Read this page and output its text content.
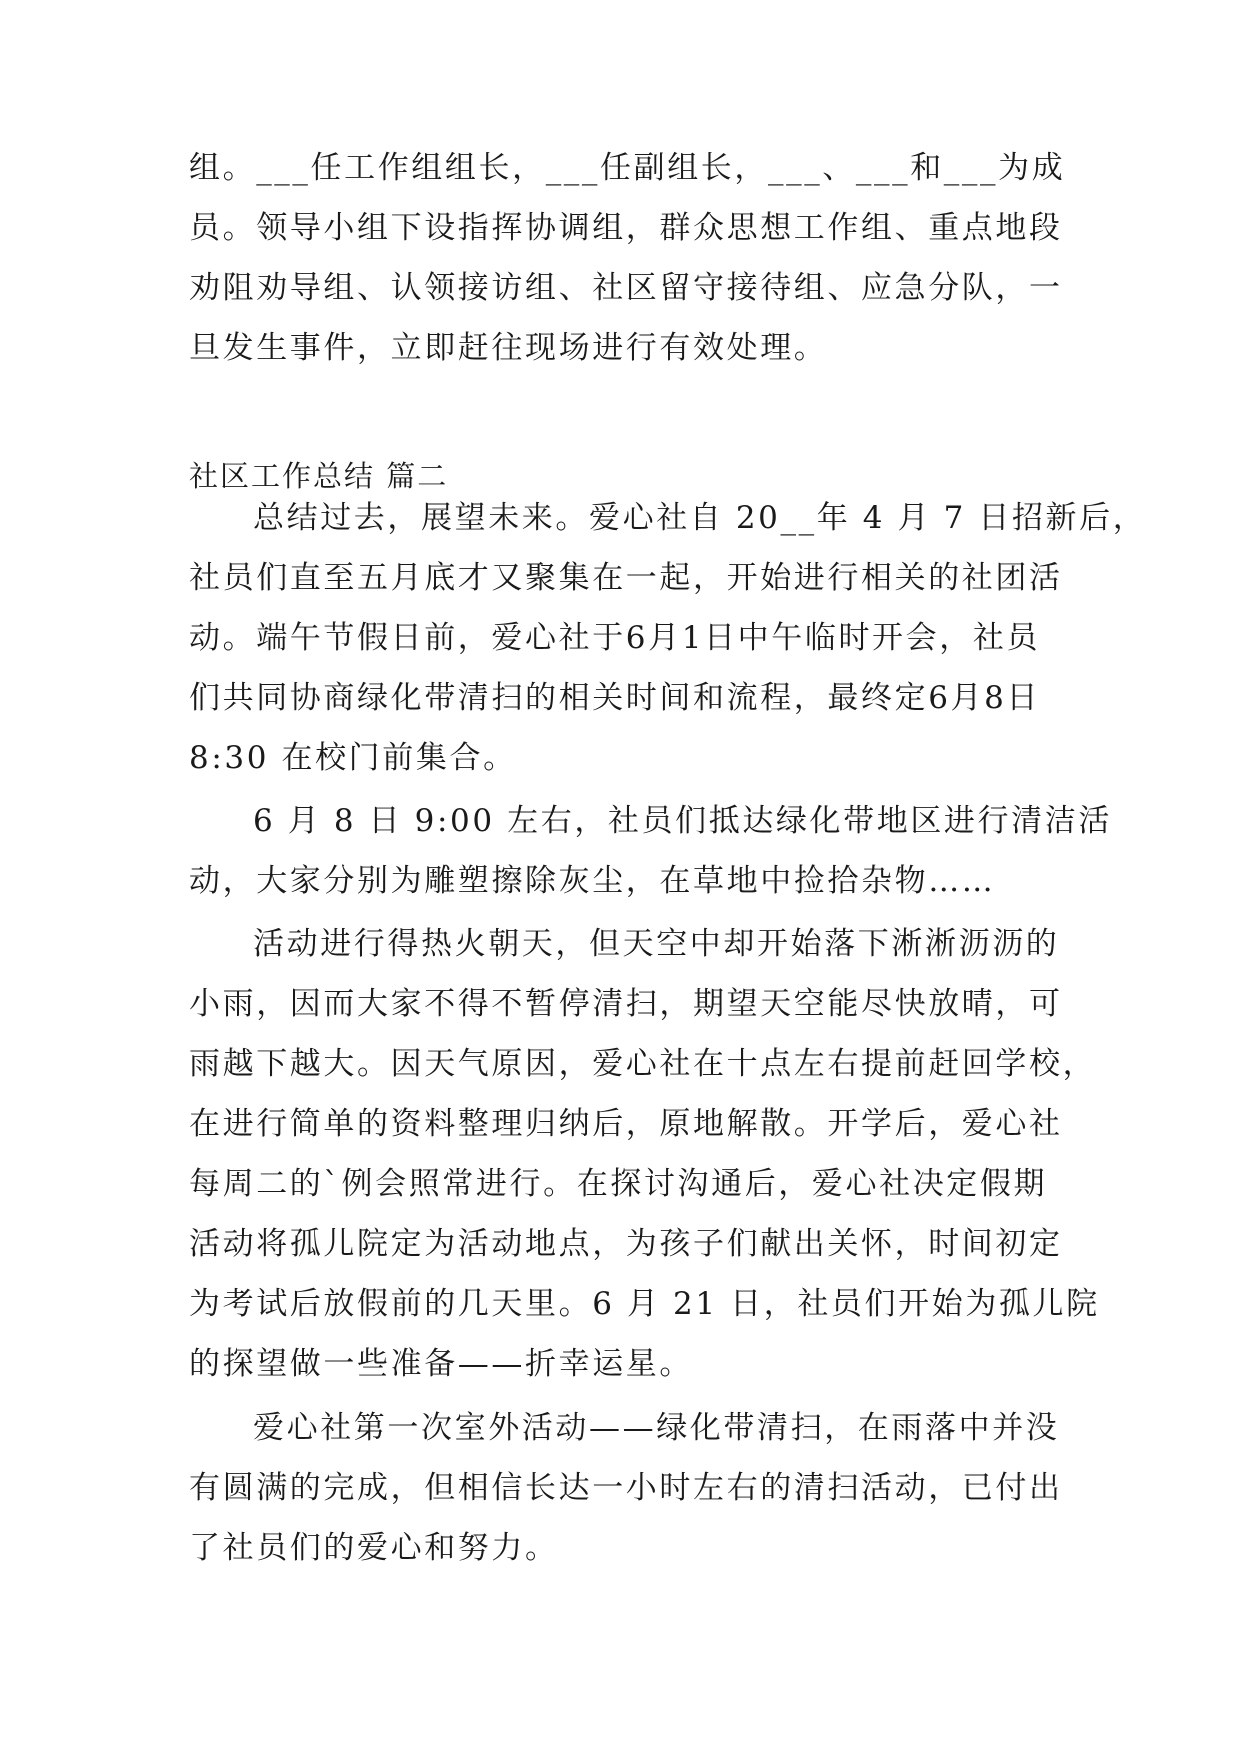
组。___任工作组组长，___任副组长，___、___和___为成
员。领导小组下设指挥协调组，群众思想工作组、重点地段
劝阻劝导组、认领接访组、社区留守接待组、应急分队，一
旦发生事件，立即赶往现场进行有效处理。
社区工作总结 篇二
总结过去，展望未来。爱心社自 20__年 4 月 7 日招新后，
社员们直至五月底才又聚集在一起，开始进行相关的社团活
动。端午节假日前，爱心社于6月1日中午临时开会，社员
们共同协商绿化带清扫的相关时间和流程，最终定6月8日
8:30 在校门前集合。
6 月 8 日 9:00 左右，社员们抵达绿化带地区进行清洁活
动，大家分别为雕塑擦除灰尘，在草地中捡拾杂物……
活动进行得热火朝天，但天空中却开始落下淅淅沥沥的
小雨，因而大家不得不暂停清扫，期望天空能尽快放晴，可
雨越下越大。因天气原因，爱心社在十点左右提前赶回学校，
在进行简单的资料整理归纳后，原地解散。开学后，爱心社
每周二的`例会照常进行。在探讨沟通后，爱心社决定假期
活动将孤儿院定为活动地点，为孩子们献出关怀，时间初定
为考试后放假前的几天里。6 月 21 日，社员们开始为孤儿院
的探望做一些准备——折幸运星。
爱心社第一次室外活动——绿化带清扫，在雨落中并没
有圆满的完成，但相信长达一小时左右的清扫活动，已付出
了社员们的爱心和努力。
